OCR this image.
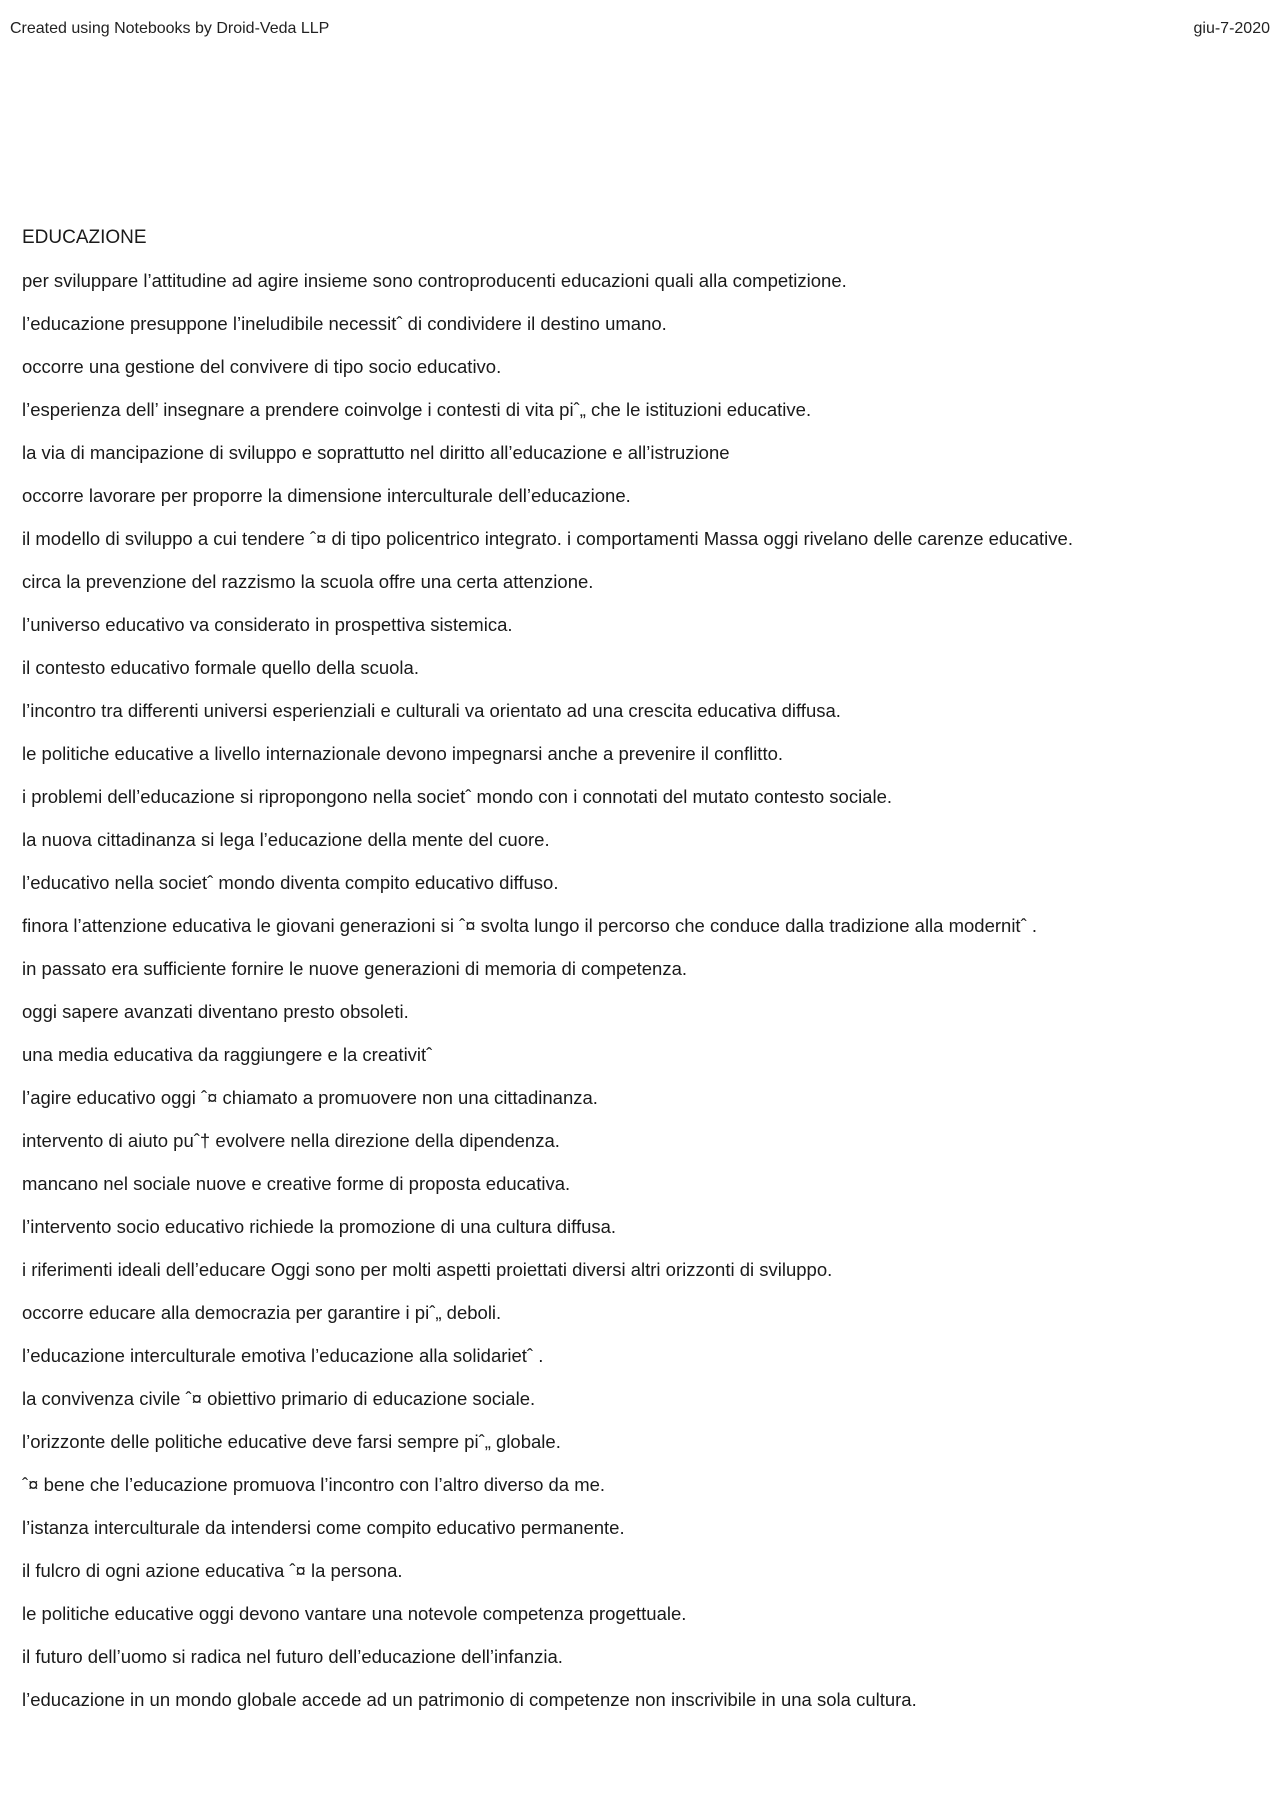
Created using Notebooks by Droid-Veda LLP	giu-7-2020
EDUCAZIONE
per sviluppare l’attitudine ad agire insieme sono controproducenti educazioni quali alla competizione.
l’educazione presuppone l’ineludibile necessitˆ di condividere il destino umano.
occorre una gestione del convivere di tipo socio educativo.
l’esperienza dell’ insegnare a prendere coinvolge i contesti di vita piˆ„ che le istituzioni educative.
la via di mancipazione di sviluppo e soprattutto nel diritto all’educazione e all’istruzione
occorre lavorare per proporre la dimensione interculturale dell’educazione.
il modello di sviluppo a cui tendere ˆ¤ di tipo policentrico integrato. i comportamenti Massa oggi rivelano delle carenze educative.
circa la prevenzione del razzismo la scuola offre una certa attenzione.
l’universo educativo va considerato in prospettiva sistemica.
il contesto educativo formale quello della scuola.
l’incontro tra differenti universi esperienziali e culturali va orientato ad una crescita educativa diffusa.
le politiche educative a livello internazionale devono impegnarsi anche a prevenire il conflitto.
i problemi dell’educazione si ripropongono nella societˆ mondo con i connotati del mutato contesto sociale.
la nuova cittadinanza si lega l’educazione della mente del cuore.
l’educativo nella societˆ mondo diventa compito educativo diffuso.
finora l’attenzione educativa le giovani generazioni si ˆ¤ svolta lungo il percorso che conduce dalla tradizione alla modernitˆ .
in passato era sufficiente fornire le nuove generazioni di memoria di competenza.
oggi sapere avanzati diventano presto obsoleti.
una media educativa da raggiungere e la creativitˆ
l’agire educativo oggi ˆ¤ chiamato a promuovere non una cittadinanza.
intervento di aiuto puˆ† evolvere nella direzione della dipendenza.
mancano nel sociale nuove e creative forme di proposta educativa.
l’intervento socio educativo richiede la promozione di una cultura diffusa.
i riferimenti ideali dell’educare Oggi sono per molti aspetti proiettati diversi altri orizzonti di sviluppo.
occorre educare alla democrazia per garantire i piˆ„ deboli.
l’educazione interculturale emotiva l’educazione alla solidarietˆ .
la convivenza civile ˆ¤ obiettivo primario di educazione sociale.
l’orizzonte delle politiche educative deve farsi sempre piˆ„ globale.
ˆ¤ bene che l’educazione promuova l’incontro con l’altro diverso da me.
l’istanza interculturale da intendersi come compito educativo permanente.
il fulcro di ogni azione educativa ˆ¤ la persona.
le politiche educative oggi devono vantare una notevole competenza progettuale.
il futuro dell’uomo si radica nel futuro dell’educazione dell’infanzia.
l’educazione in un mondo globale accede ad un patrimonio di competenze non inscrivibile in una sola cultura.
